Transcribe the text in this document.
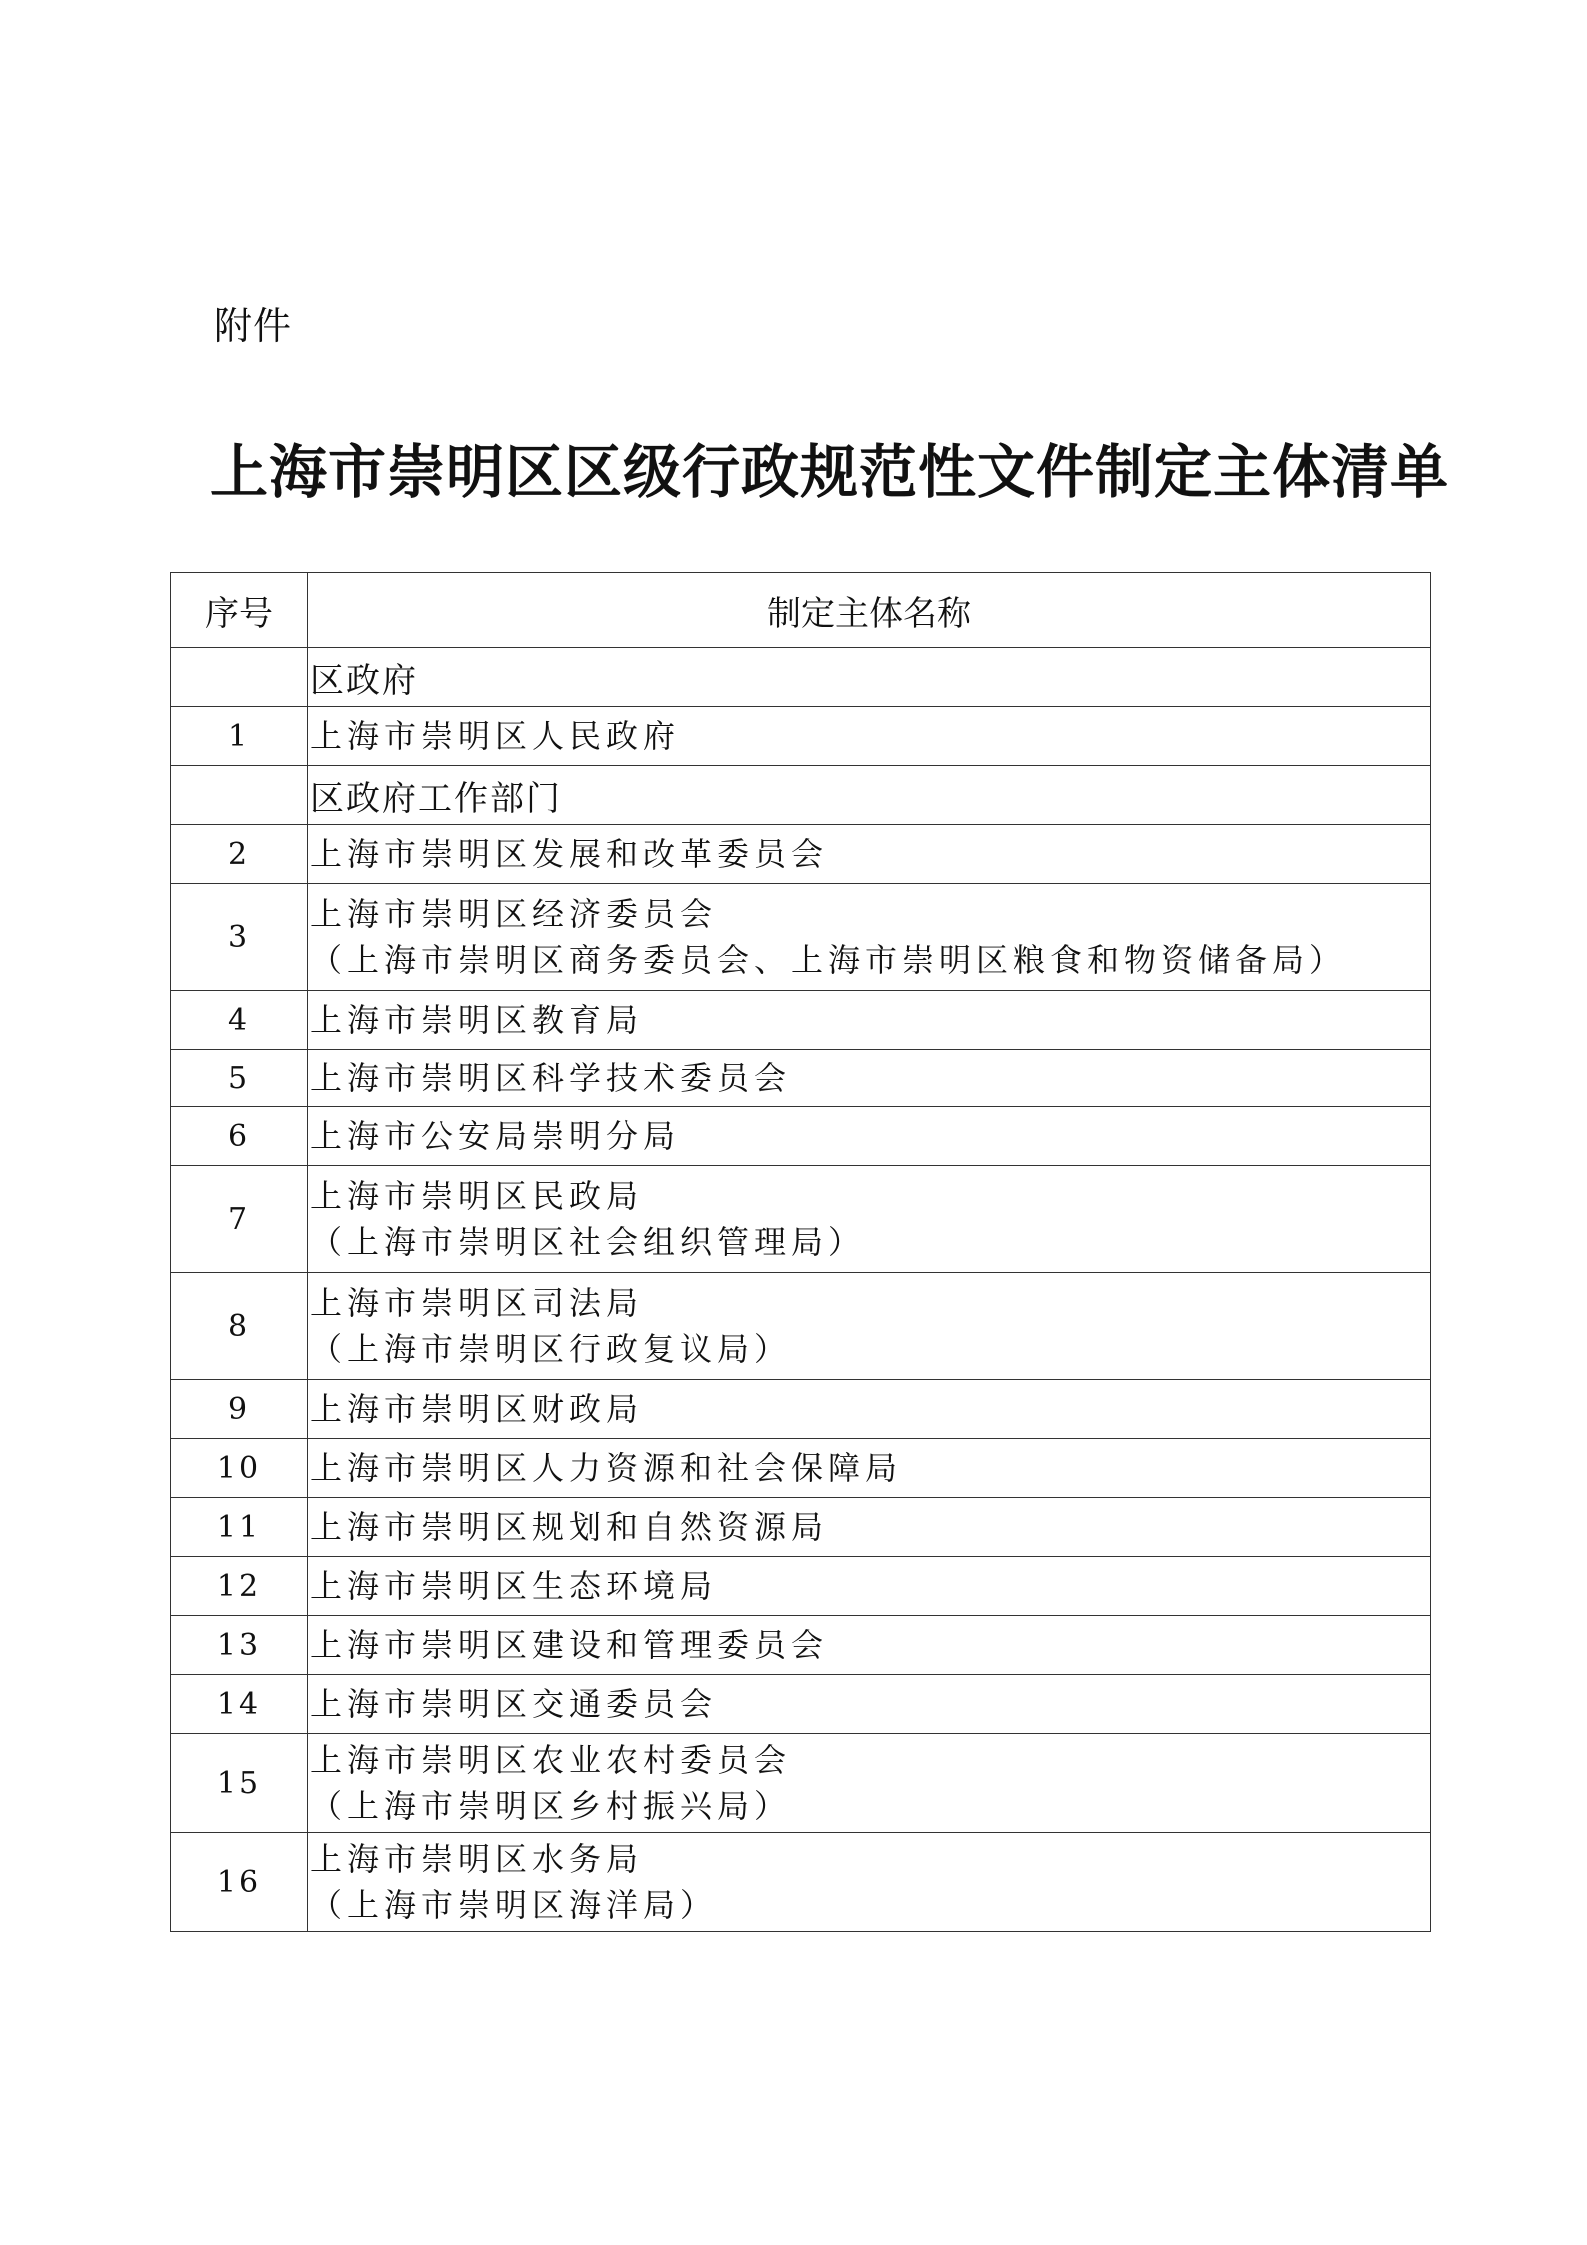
附件
上海市崇明区区级行政规范性文件制定主体清单
序号	制定主体名称
	区政府
1	上海市崇明区人民政府
	区政府工作部门
2	上海市崇明区发展和改革委员会
3	上海市崇明区经济委员会
（上海市崇明区商务委员会、上海市崇明区粮食和物资储备局）

4	上海市崇明区教育局
5	上海市崇明区科学技术委员会
6	上海市公安局崇明分局
7	上海市崇明区民政局
（上海市崇明区社会组织管理局）

8	上海市崇明区司法局
（上海市崇明区行政复议局）

9	上海市崇明区财政局
10	上海市崇明区人力资源和社会保障局
11	上海市崇明区规划和自然资源局
12	上海市崇明区生态环境局
13	上海市崇明区建设和管理委员会
14	上海市崇明区交通委员会
15	上海市崇明区农业农村委员会
（上海市崇明区乡村振兴局）

16	上海市崇明区水务局
（上海市崇明区海洋局）
